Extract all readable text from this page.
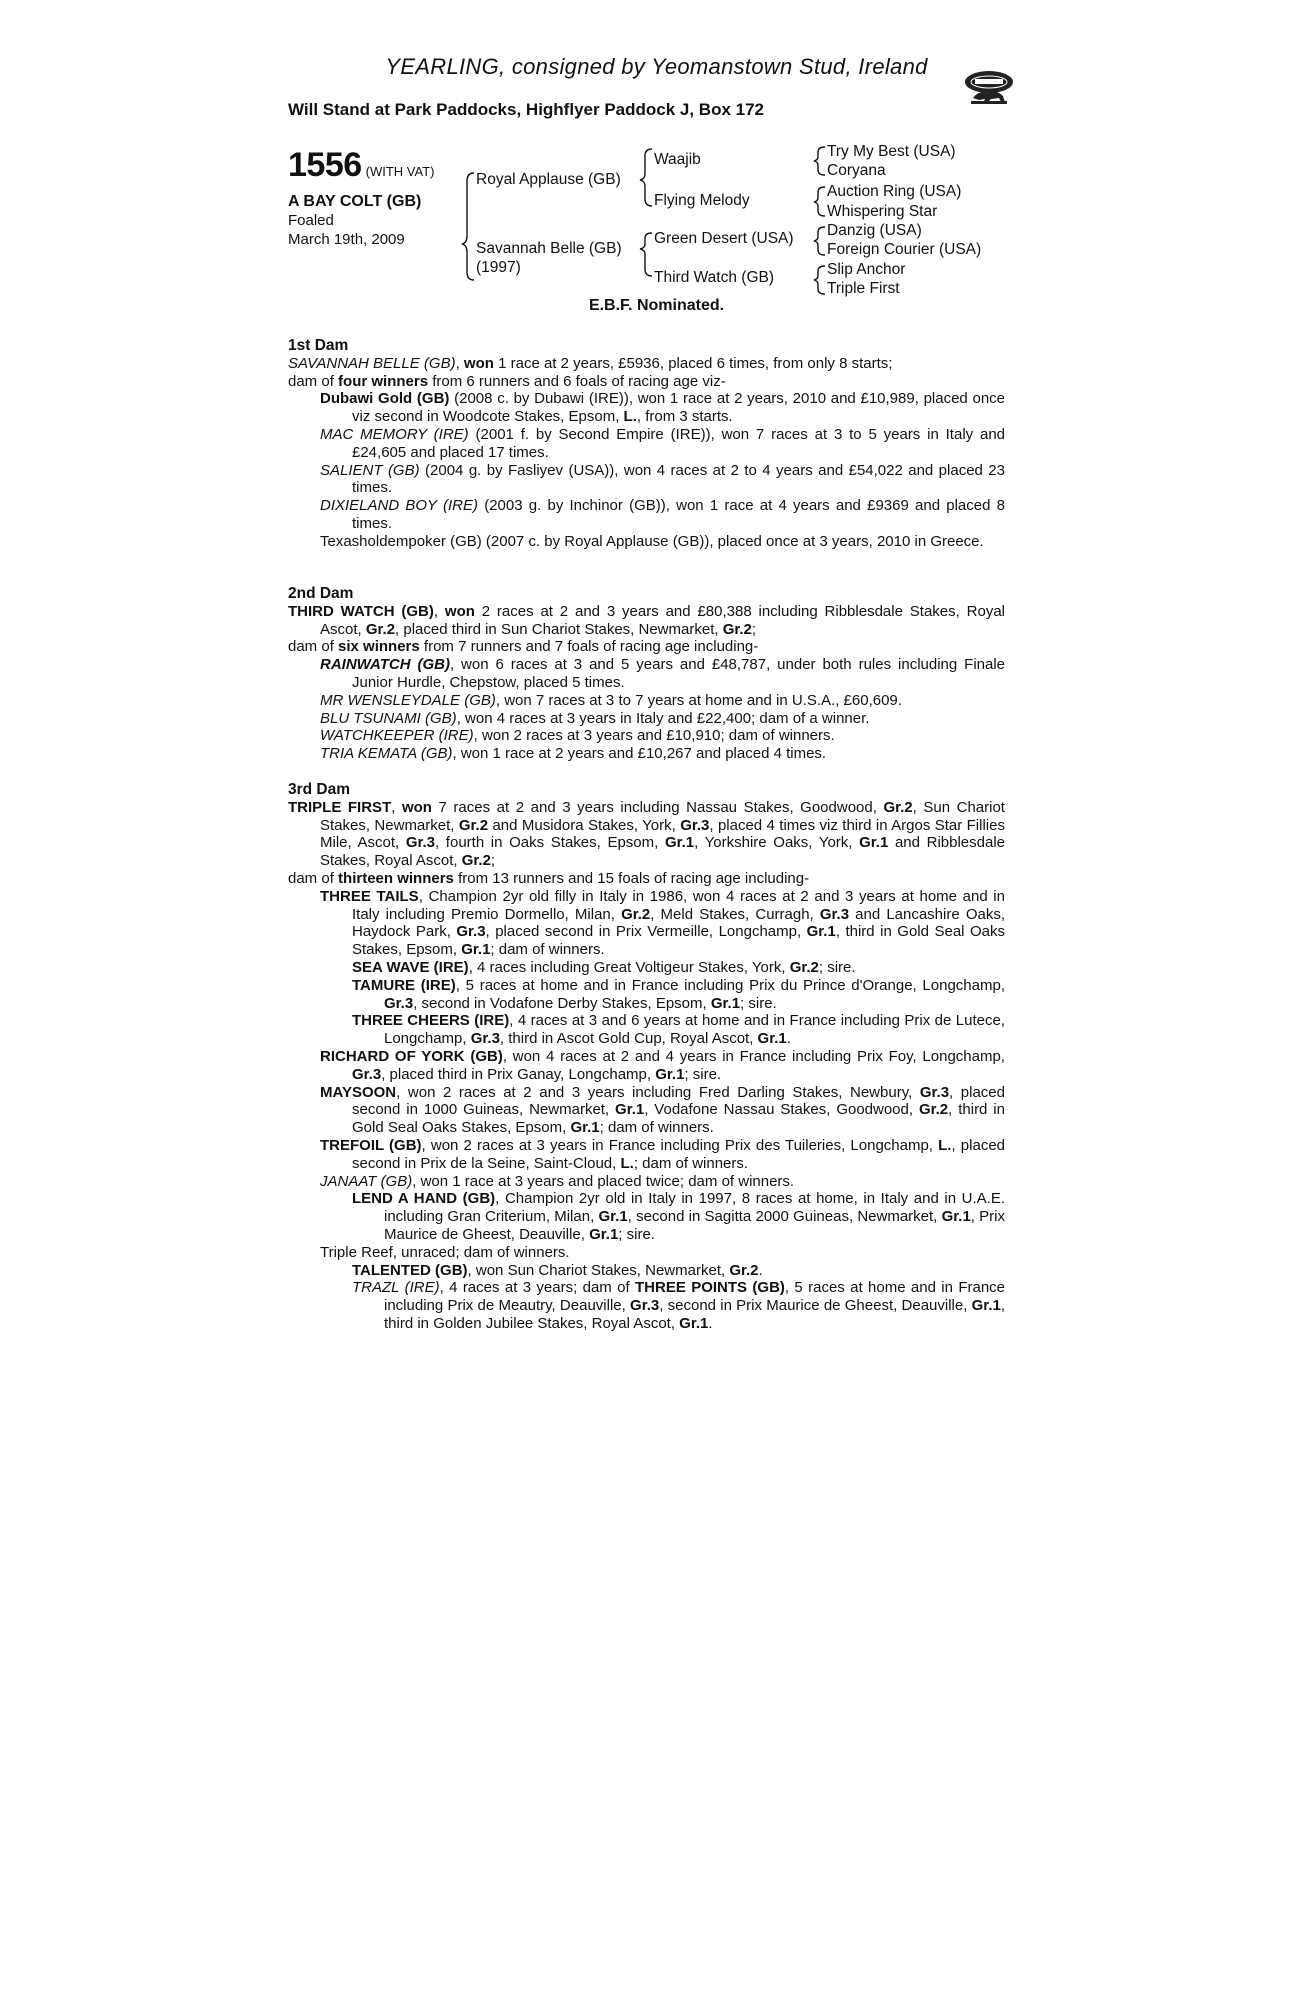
YEARLING, consigned by Yeomanstown Stud, Ireland
Will Stand at Park Paddocks, Highflyer Paddock J, Box 172
1556 (WITH VAT)
A BAY COLT (GB)
Foaled
March 19th, 2009
Royal Applause (GB)
Savannah Belle (GB)
(1997)
Waajib
Flying Melody
Green Desert (USA)
Third Watch (GB)
Try My Best (USA)
Coryana
Auction Ring (USA)
Whispering Star
Danzig (USA)
Foreign Courier (USA)
Slip Anchor
Triple First
E.B.F. Nominated.
1st Dam
SAVANNAH BELLE (GB), won 1 race at 2 years, £5936, placed 6 times, from only 8 starts;
dam of four winners from 6 runners and 6 foals of racing age viz-
Dubawi Gold (GB) (2008 c. by Dubawi (IRE)), won 1 race at 2 years, 2010 and £10,989, placed once viz second in Woodcote Stakes, Epsom, L., from 3 starts.
MAC MEMORY (IRE) (2001 f. by Second Empire (IRE)), won 7 races at 3 to 5 years in Italy and £24,605 and placed 17 times.
SALIENT (GB) (2004 g. by Fasliyev (USA)), won 4 races at 2 to 4 years and £54,022 and placed 23 times.
DIXIELAND BOY (IRE) (2003 g. by Inchinor (GB)), won 1 race at 4 years and £9369 and placed 8 times.
Texasholdempoker (GB) (2007 c. by Royal Applause (GB)), placed once at 3 years, 2010 in Greece.
2nd Dam
THIRD WATCH (GB), won 2 races at 2 and 3 years and £80,388 including Ribblesdale Stakes, Royal Ascot, Gr.2, placed third in Sun Chariot Stakes, Newmarket, Gr.2;
dam of six winners from 7 runners and 7 foals of racing age including-
RAINWATCH (GB), won 6 races at 3 and 5 years and £48,787, under both rules including Finale Junior Hurdle, Chepstow, placed 5 times.
MR WENSLEYDALE (GB), won 7 races at 3 to 7 years at home and in U.S.A., £60,609.
BLU TSUNAMI (GB), won 4 races at 3 years in Italy and £22,400; dam of a winner.
WATCHKEEPER (IRE), won 2 races at 3 years and £10,910; dam of winners.
TRIA KEMATA (GB), won 1 race at 2 years and £10,267 and placed 4 times.
3rd Dam
TRIPLE FIRST, won 7 races at 2 and 3 years including Nassau Stakes, Goodwood, Gr.2, Sun Chariot Stakes, Newmarket, Gr.2 and Musidora Stakes, York, Gr.3, placed 4 times viz third in Argos Star Fillies Mile, Ascot, Gr.3, fourth in Oaks Stakes, Epsom, Gr.1, Yorkshire Oaks, York, Gr.1 and Ribblesdale Stakes, Royal Ascot, Gr.2;
dam of thirteen winners from 13 runners and 15 foals of racing age including-
THREE TAILS, Champion 2yr old filly in Italy in 1986, won 4 races at 2 and 3 years at home and in Italy including Premio Dormello, Milan, Gr.2, Meld Stakes, Curragh, Gr.3 and Lancashire Oaks, Haydock Park, Gr.3, placed second in Prix Vermeille, Longchamp, Gr.1, third in Gold Seal Oaks Stakes, Epsom, Gr.1; dam of winners.
SEA WAVE (IRE), 4 races including Great Voltigeur Stakes, York, Gr.2; sire.
TAMURE (IRE), 5 races at home and in France including Prix du Prince d'Orange, Longchamp, Gr.3, second in Vodafone Derby Stakes, Epsom, Gr.1; sire.
THREE CHEERS (IRE), 4 races at 3 and 6 years at home and in France including Prix de Lutece, Longchamp, Gr.3, third in Ascot Gold Cup, Royal Ascot, Gr.1.
RICHARD OF YORK (GB), won 4 races at 2 and 4 years in France including Prix Foy, Longchamp, Gr.3, placed third in Prix Ganay, Longchamp, Gr.1; sire.
MAYSOON, won 2 races at 2 and 3 years including Fred Darling Stakes, Newbury, Gr.3, placed second in 1000 Guineas, Newmarket, Gr.1, Vodafone Nassau Stakes, Goodwood, Gr.2, third in Gold Seal Oaks Stakes, Epsom, Gr.1; dam of winners.
TREFOIL (GB), won 2 races at 3 years in France including Prix des Tuileries, Longchamp, L., placed second in Prix de la Seine, Saint-Cloud, L.; dam of winners.
JANAAT (GB), won 1 race at 3 years and placed twice; dam of winners.
LEND A HAND (GB), Champion 2yr old in Italy in 1997, 8 races at home, in Italy and in U.A.E. including Gran Criterium, Milan, Gr.1, second in Sagitta 2000 Guineas, Newmarket, Gr.1, Prix Maurice de Gheest, Deauville, Gr.1; sire.
Triple Reef, unraced; dam of winners.
TALENTED (GB), won Sun Chariot Stakes, Newmarket, Gr.2.
TRAZL (IRE), 4 races at 3 years; dam of THREE POINTS (GB), 5 races at home and in France including Prix de Meautry, Deauville, Gr.3, second in Prix Maurice de Gheest, Deauville, Gr.1, third in Golden Jubilee Stakes, Royal Ascot, Gr.1.
